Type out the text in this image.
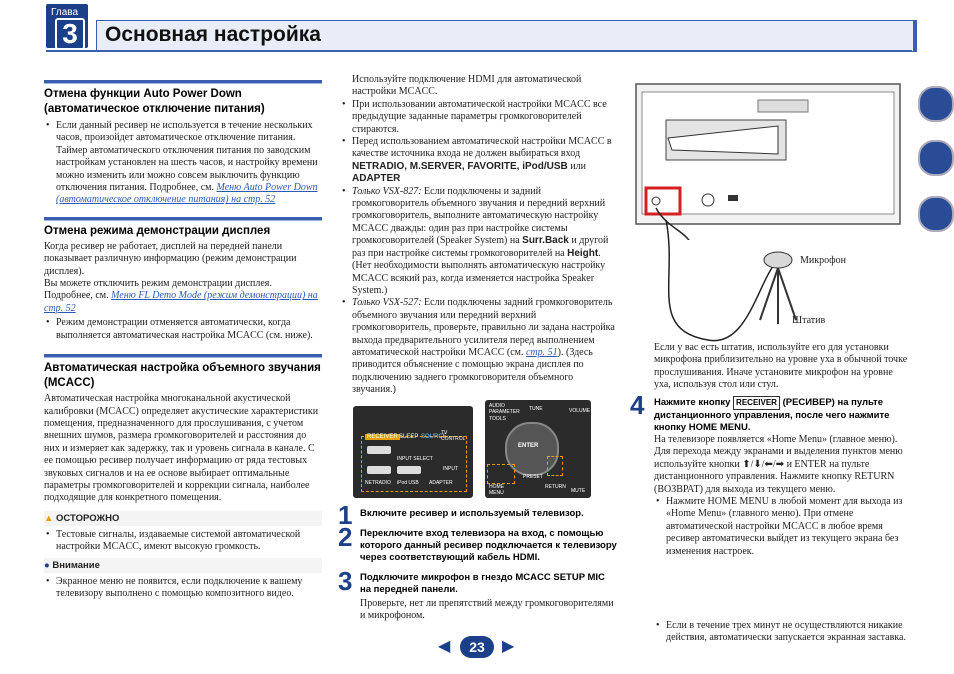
Глава
3	Основная настройка
Отмена функции Auto Power Down (автоматическое отключение питания)
• Если данный ресивер не используется в течение нескольких часов, произойдет автоматическое отключение питания. Таймер автоматического отключения питания по заводским настройкам установлен на шесть часов, и настройку времени можно изменить или можно совсем выключить функцию отключения питания. Подробнее, см. Меню Auto Power Down (автоматическое отключение питания) на стр. 52
Отмена режима демонстрации дисплея
Когда ресивер не работает, дисплей на передней панели показывает различную информацию (режим демонстрации дисплея).
Вы можете отключить режим демонстрации дисплея. Подробнее, см. Меню FL Demo Mode (режим демонстрации) на стр. 52
• Режим демонстрации отменяется автоматически, когда выполняется автоматическая настройка MCACC (см. ниже).
Автоматическая настройка объемного звучания (MCACC)
Автоматическая настройка многоканальной акустической калибровки (MCACC) определяет акустические характеристики помещения, предназначенного для прослушивания, с учетом внешних шумов, размера громкоговорителей и расстояния до них и измеряет как задержку, так и уровень сигнала в канале. С ее помощью ресивер получает информацию от ряда тестовых звуковых сигналов и на ее основе выбирает оптимальные параметры громкоговорителей и коррекции сигнала, наиболее подходящие для конкретного помещения.
▲ ОСТОРОЖНО
• Тестовые сигналы, издаваемые системой автоматической настройки MCACC, имеют высокую громкость.
● Внимание
• Экранное меню не появится, если подключение к вашему телевизору выполнено с помощью композитного видео.
Используйте подключение HDMI для автоматической настройки MCACC.
• При использовании автоматической настройки MCACC все предыдущие заданные параметры громкоговорителей стираются.
• Перед использованием автоматической настройки MCACC в качестве источника входа не должен выбираться вход NETRADIO, M.SERVER, FAVORITE, iPod/USB или ADAPTER
• Только VSX-827: Если подключены и задний громкоговоритель объемного звучания и передний верхний громкоговоритель, выполните автоматическую настройку MCACC дважды: один раз при настройке системы громкоговорителей (Speaker System) на Surr.Back и другой раз при настройке системы громкоговорителей на Height. (Нет необходимости выполнять автоматическую настройку MCACC всякий раз, когда изменяется настройка Speaker System.)
• Только VSX-527: Если подключены задний громкоговоритель объемного звучания или передний верхний громкоговоритель, проверьте, правильно ли задана настройка выхода предварительного усилителя перед выполнением автоматической настройки MCACC (см. стр. 51). (Здесь приводится объяснение с помощью экрана дисплея по подключению заднего громкоговорителя объемного звучания.)
RECEIVER SLEEP SOURCE
TV CONTROL
INPUT SELECT
INPUT
NETRADIO iPod USB ADAPTER
AUDIO PARAMETER TUNE
TOOLS
VOLUME
ENTER
PRESET
HOME MENU
RETURN
MUTE
1 Включите ресивер и используемый телевизор.
2 Переключите вход телевизора на вход, с помощью которого данный ресивер подключается к телевизору через соответствующий кабель HDMI.
3 Подключите микрофон в гнездо MCACC SETUP MIC на передней панели.
Проверьте, нет ли препятствий между громкоговорителями и микрофоном.
Микрофон
Штатив
Если у вас есть штатив, используйте его для установки микрофона приблизительно на уровне уха в обычной точке прослушивания. Иначе установите микрофон на уровне уха, используя стол или стул.
4 Нажмите кнопку RECEIVER (РЕСИВЕР) на пульте дистанционного управления, после чего нажмите кнопку HOME MENU.
На телевизоре появляется «Home Menu» (главное меню). Для перехода между экранами и выделения пунктов меню используйте кнопки ⬆/⬇/⬅/➡ и ENTER на пульте дистанционного управления. Нажмите кнопку RETURN (ВОЗВРАТ) для выхода из текущего меню.
• Нажмите HOME MENU в любой момент для выхода из «Home Menu» (главного меню). При отмене автоматической настройки MCACC в любое время ресивер автоматически выйдет из текущего экрана без изменения настроек.
• Если в течение трех минут не осуществляются никакие действия, автоматически запускается экранная заставка.
◀	23	▶
